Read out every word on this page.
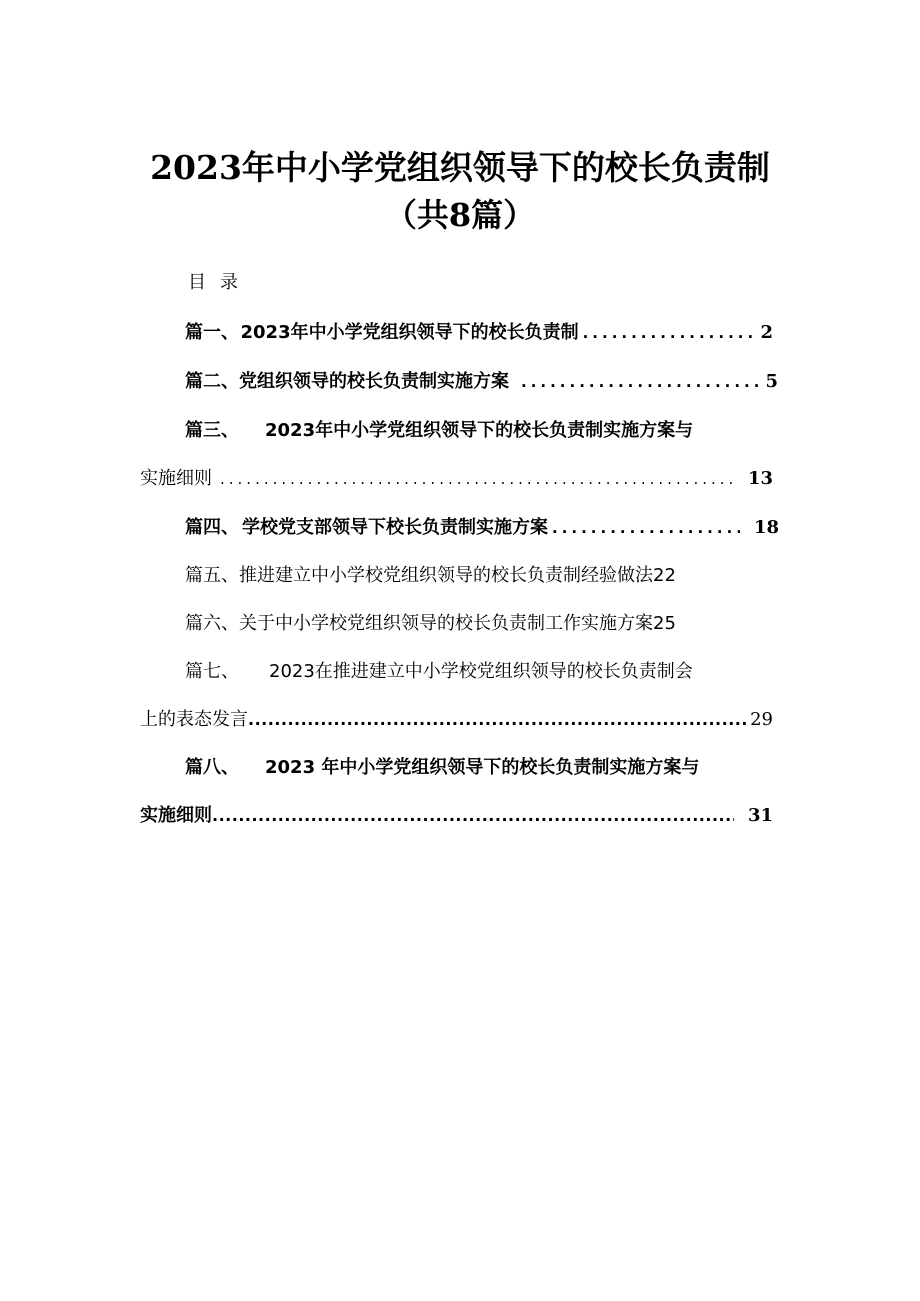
2023年中小学党组织领导下的校长负责制
（共8篇）
目录
篇一、 2023年中小学党组织领导下的校长负责制 .....	2
篇二、 党组织领导的校长负责制实施方案 .....	5
篇三、 2023年中小学党组织领导下的校长负责制实施方案与
实施细则 .....	13
篇四、 学校党支部领导下校长负责制实施方案 .....	18
篇五、 推进建立中小学校党组织领导的校长负责制经验做法 22
篇六、 关于中小学校党组织领导的校长负责制工作实施方案 25
篇七、 2023在推进建立中小学校党组织领导的校长负责制会
上的表态发言 .....	29
篇八、 2023 年中小学党组织领导下的校长负责制实施方案与
实施细则 .....	31
